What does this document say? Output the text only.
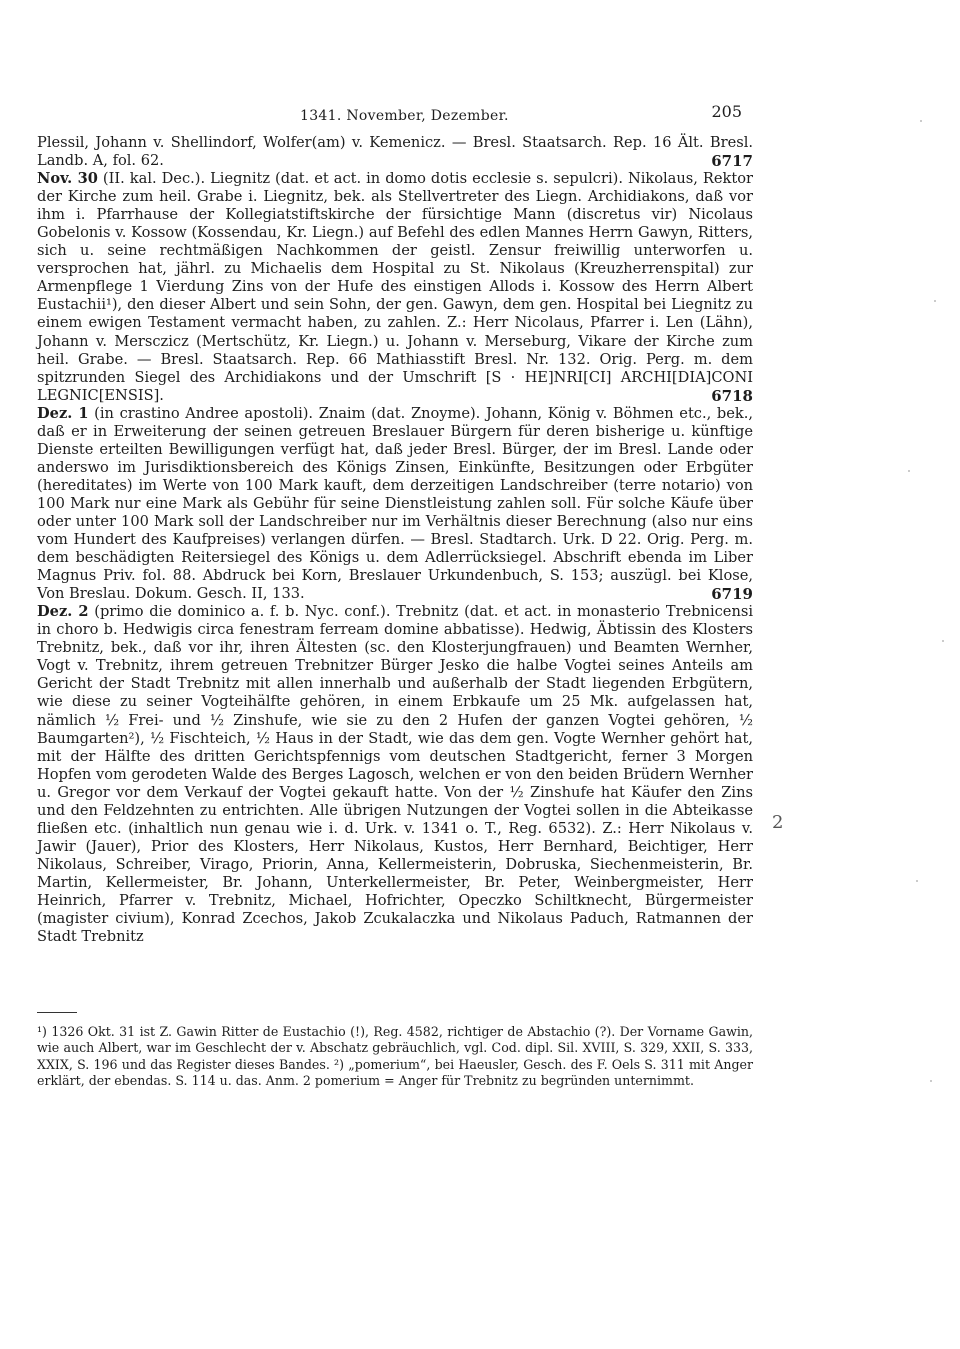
1341. November, Dezember.	205

Plessil, Johann v. Shellindorf, Wolfer(am) v. Kemenicz. — Bresl. Staatsarch. Rep. 16 Ält. Bresl. Landb. A, fol. 62.	6717

Nov. 30 (II. kal. Dec.). Liegnitz (dat. et act. in domo dotis ecclesie s. sepulcri). Nikolaus, Rektor der Kirche zum heil. Grabe i. Liegnitz, bek. als Stellvertreter des Liegn. Archidiakons, daß vor ihm i. Pfarrhause der Kollegiatstiftskirche der fürsichtige Mann (discretus vir) Nicolaus Gobelonis v. Kossow (Kossendau, Kr. Liegn.) auf Befehl des edlen Mannes Herrn Gawyn, Ritters, sich u. seine rechtmäßigen Nachkommen der geistl. Zensur freiwillig unterworfen u. versprochen hat, jährl. zu Michaelis dem Hospital zu St. Nikolaus (Kreuzherrenspital) zur Armenpflege 1 Vierdung Zins von der Hufe des einstigen Allods i. Kossow des Herrn Albert Eustachii¹), den dieser Albert und sein Sohn, der gen. Gawyn, dem gen. Hospital bei Liegnitz zu einem ewigen Testament vermacht haben, zu zahlen. Z.: Herr Nicolaus, Pfarrer i. Len (Lähn), Johann v. Mersczicz (Mertschütz, Kr. Liegn.) u. Johann v. Merseburg, Vikare der Kirche zum heil. Grabe. — Bresl. Staatsarch. Rep. 66 Mathiasstift Bresl. Nr. 132. Orig. Perg. m. dem spitzrunden Siegel des Archidiakons und der Umschrift [S · HE]NRI[CI] ARCHI[DIA]CONI LEGNIC[ENSIS].	6718

Dez. 1 (in crastino Andree apostoli). Znaim (dat. Znoyme). Johann, König v. Böhmen etc., bek., daß er in Erweiterung der seinen getreuen Breslauer Bürgern für deren bisherige u. künftige Dienste erteilten Bewilligungen verfügt hat, daß jeder Bresl. Bürger, der im Bresl. Lande oder anderswo im Jurisdiktionsbereich des Königs Zinsen, Einkünfte, Besitzungen oder Erbgüter (hereditates) im Werte von 100 Mark kauft, dem derzeitigen Landschreiber (terre notario) von 100 Mark nur eine Mark als Gebühr für seine Dienstleistung zahlen soll. Für solche Käufe über oder unter 100 Mark soll der Landschreiber nur im Verhältnis dieser Berechnung (also nur eins vom Hundert des Kaufpreises) verlangen dürfen. — Bresl. Stadtarch. Urk. D 22. Orig. Perg. m. dem beschädigten Reitersiegel des Königs u. dem Adlerrücksiegel. Abschrift ebenda im Liber Magnus Priv. fol. 88. Abdruck bei Korn, Breslauer Urkundenbuch, S. 153; auszügl. bei Klose, Von Breslau. Dokum. Gesch. II, 133.	6719

Dez. 2 (primo die dominico a. f. b. Nyc. conf.). Trebnitz (dat. et act. in monasterio Trebnicensi in choro b. Hedwigis circa fenestram ferream domine abbatisse). Hedwig, Äbtissin des Klosters Trebnitz, bek., daß vor ihr, ihren Ältesten (sc. den Klosterjungfrauen) und Beamten Wernher, Vogt v. Trebnitz, ihrem getreuen Trebnitzer Bürger Jesko die halbe Vogtei seines Anteils am Gericht der Stadt Trebnitz mit allen innerhalb und außerhalb der Stadt liegenden Erbgütern, wie diese zu seiner Vogteihälfte gehören, in einem Erbkaufe um 25 Mk. aufgelassen hat, nämlich ½ Frei- und ½ Zinshufe, wie sie zu den 2 Hufen der ganzen Vogtei gehören, ½ Baumgarten²), ½ Fischteich, ½ Haus in der Stadt, wie das dem gen. Vogte Wernher gehört hat, mit der Hälfte des dritten Gerichtspfennigs vom deutschen Stadtgericht, ferner 3 Morgen Hopfen vom gerodeten Walde des Berges Lagosch, welchen er von den beiden Brüdern Wernher u. Gregor vor dem Verkauf der Vogtei gekauft hatte. Von der ½ Zinshufe hat Käufer den Zins und den Feldzehnten zu entrichten. Alle übrigen Nutzungen der Vogtei sollen in die Abteikasse fließen etc. (inhaltlich nun genau wie i. d. Urk. v. 1341 o. T., Reg. 6532). Z.: Herr Nikolaus v. Jawir (Jauer), Prior des Klosters, Herr Nikolaus, Kustos, Herr Bernhard, Beichtiger, Herr Nikolaus, Schreiber, Virago, Priorin, Anna, Kellermeisterin, Dobruska, Siechenmeisterin, Br. Martin, Kellermeister, Br. Johann, Unterkellermeister, Br. Peter, Weinbergmeister, Herr Heinrich, Pfarrer v. Trebnitz, Michael, Hofrichter, Opeczko Schiltknecht, Bürgermeister (magister civium), Konrad Zcechos, Jakob Zcukalaczka und Nikolaus Paduch, Ratmannen der Stadt Trebnitz

¹) 1326 Okt. 31 ist Z. Gawin Ritter de Eustachio (!), Reg. 4582, richtiger de Abstachio (?). Der Vorname Gawin, wie auch Albert, war im Geschlecht der v. Abschatz gebräuchlich, vgl. Cod. dipl. Sil. XVIII, S. 329, XXII, S. 333, XXIX, S. 196 und das Register dieses Bandes. ²) „pomerium“, bei Haeusler, Gesch. des F. Oels S. 311 mit Anger erklärt, der ebendas. S. 114 u. das. Anm. 2 pomerium = Anger für Trebnitz zu begründen unternimmt.

2
